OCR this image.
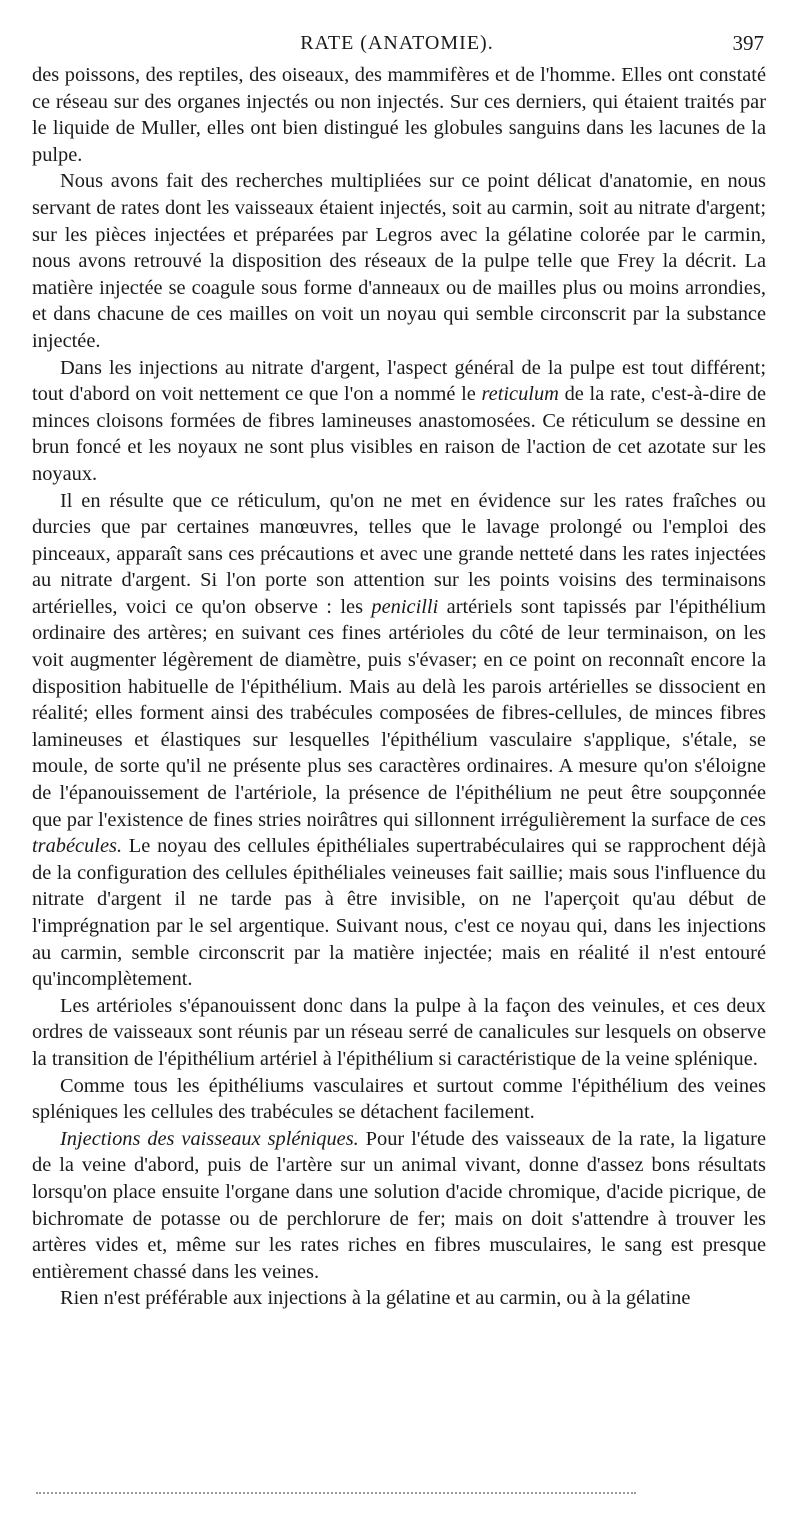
RATE (ANATOMIE).	397

des poissons, des reptiles, des oiseaux, des mammifères et de l'homme. Elles ont constaté ce réseau sur des organes injectés ou non injectés. Sur ces derniers, qui étaient traités par le liquide de Muller, elles ont bien distingué les globules sanguins dans les lacunes de la pulpe.

Nous avons fait des recherches multipliées sur ce point délicat d'anatomie, en nous servant de rates dont les vaisseaux étaient injectés, soit au carmin, soit au nitrate d'argent; sur les pièces injectées et préparées par Legros avec la gélatine colorée par le carmin, nous avons retrouvé la disposition des réseaux de la pulpe telle que Frey la décrit. La matière injectée se coagule sous forme d'anneaux ou de mailles plus ou moins arrondies, et dans chacune de ces mailles on voit un noyau qui semble circonscrit par la substance injectée.

Dans les injections au nitrate d'argent, l'aspect général de la pulpe est tout différent; tout d'abord on voit nettement ce que l'on a nommé le reticulum de la rate, c'est-à-dire de minces cloisons formées de fibres lamineuses anastomosées. Ce réticulum se dessine en brun foncé et les noyaux ne sont plus visibles en raison de l'action de cet azotate sur les noyaux.

Il en résulte que ce réticulum, qu'on ne met en évidence sur les rates fraîches ou durcies que par certaines manœuvres, telles que le lavage prolongé ou l'emploi des pinceaux, apparaît sans ces précautions et avec une grande netteté dans les rates injectées au nitrate d'argent. Si l'on porte son attention sur les points voisins des terminaisons artérielles, voici ce qu'on observe : les penicilli artériels sont tapissés par l'épithélium ordinaire des artères; en suivant ces fines artérioles du côté de leur terminaison, on les voit augmenter légèrement de diamètre, puis s'évaser; en ce point on reconnaît encore la disposition habituelle de l'épithélium. Mais au delà les parois artérielles se dissocient en réalité; elles forment ainsi des trabécules composées de fibres-cellules, de minces fibres lamineuses et élastiques sur lesquelles l'épithélium vasculaire s'applique, s'étale, se moule, de sorte qu'il ne présente plus ses caractères ordinaires. A mesure qu'on s'éloigne de l'épanouissement de l'artériole, la présence de l'épithélium ne peut être soupçonnée que par l'existence de fines stries noirâtres qui sillonnent irrégulièrement la surface de ces trabécules. Le noyau des cellules épithéliales supertrabéculaires qui se rapprochent déjà de la configuration des cellules épithéliales veineuses fait saillie; mais sous l'influence du nitrate d'argent il ne tarde pas à être invisible, on ne l'aperçoit qu'au début de l'imprégnation par le sel argentique. Suivant nous, c'est ce noyau qui, dans les injections au carmin, semble circonscrit par la matière injectée; mais en réalité il n'est entouré qu'incomplètement.

Les artérioles s'épanouissent donc dans la pulpe à la façon des veinules, et ces deux ordres de vaisseaux sont réunis par un réseau serré de canalicules sur lesquels on observe la transition de l'épithélium artériel à l'épithélium si caractéristique de la veine splénique.

Comme tous les épithéliums vasculaires et surtout comme l'épithélium des veines spléniques les cellules des trabécules se détachent facilement.

Injections des vaisseaux spléniques. Pour l'étude des vaisseaux de la rate, la ligature de la veine d'abord, puis de l'artère sur un animal vivant, donne d'assez bons résultats lorsqu'on place ensuite l'organe dans une solution d'acide chromique, d'acide picrique, de bichromate de potasse ou de perchlorure de fer; mais on doit s'attendre à trouver les artères vides et, même sur les rates riches en fibres musculaires, le sang est presque entièrement chassé dans les veines.

Rien n'est préférable aux injections à la gélatine et au carmin, ou à la gélatine
